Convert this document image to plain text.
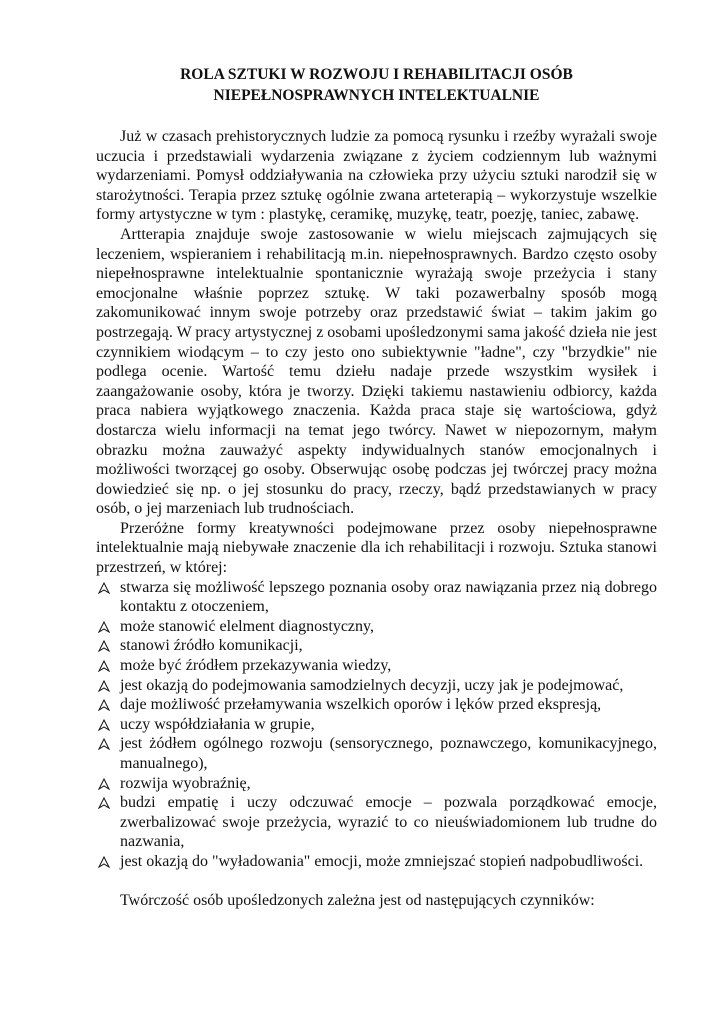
ROLA SZTUKI W ROZWOJU I REHABILITACJI OSÓB
NIEPEŁNOSPRAWNYCH INTELEKTUALNIE

Już w czasach prehistorycznych ludzie za pomocą rysunku i rzeźby wyrażali swoje uczucia i przedstawiali wydarzenia związane z życiem codziennym lub ważnymi wydarzeniami. Pomysł oddziaływania na człowieka przy użyciu sztuki narodził się w starożytności. Terapia przez sztukę ogólnie zwana arteterapią – wykorzystuje wszelkie formy artystyczne w tym : plastykę, ceramikę, muzykę, teatr, poezję, taniec, zabawę.

Artterapia znajduje swoje zastosowanie w wielu miejscach zajmujących się leczeniem, wspieraniem i rehabilitacją m.in. niepełnosprawnych. Bardzo często osoby niepełnosprawne intelektualnie spontanicznie wyrażają swoje przeżycia i stany emocjonalne właśnie poprzez sztukę. W taki pozawerbalny sposób mogą zakomunikować innym swoje potrzeby oraz przedstawić świat – takim jakim go postrzegają. W pracy artystycznej z osobami upośledzonymi sama jakość dzieła nie jest czynnikiem wiodącym – to czy jesto ono subiektywnie "ładne", czy "brzydkie" nie podlega ocenie. Wartość temu dziełu nadaje przede wszystkim wysiłek i zaangażowanie osoby, która je tworzy. Dzięki takiemu nastawieniu odbiorcy, każda praca nabiera wyjątkowego znaczenia. Każda praca staje się wartościowa, gdyż dostarcza wielu informacji na temat jego twórcy. Nawet w niepozornym, małym obrazku można zauważyć aspekty indywidualnych stanów emocjonalnych i możliwości tworzącej go osoby. Obserwując osobę podczas jej twórczej pracy można dowiedzieć się np. o jej stosunku do pracy, rzeczy, bądź przedstawianych w pracy osób, o jej marzeniach lub trudnościach.

Przeróżne formy kreatywności podejmowane przez osoby niepełnosprawne intelektualnie mają niebywałe znaczenie dla ich rehabilitacji i rozwoju. Sztuka stanowi przestrzeń, w której:

stwarza się możliwość lepszego poznania osoby oraz nawiązania przez nią dobrego kontaktu z otoczeniem,
może stanowić elelment diagnostyczny,
stanowi źródło komunikacji,
może być źródłem przekazywania wiedzy,
jest okazją do podejmowania samodzielnych decyzji, uczy jak je podejmować,
daje możliwość przełamywania wszelkich oporów i lęków przed ekspresją,
uczy współdziałania w grupie,
jest żódłem ogólnego rozwoju (sensorycznego, poznawczego, komunikacyjnego, manualnego),
rozwija wyobraźnię,
budzi empatię i uczy odczuwać emocje – pozwala porządkować emocje, zwerbalizować swoje przeżycia, wyrazić to co nieuświadomionem lub trudne do nazwania,
jest okazją do "wyładowania" emocji, może zmniejszać stopień nadpobudliwości.

Twórczość osób upośledzonych zależna jest od następujących czynników:
